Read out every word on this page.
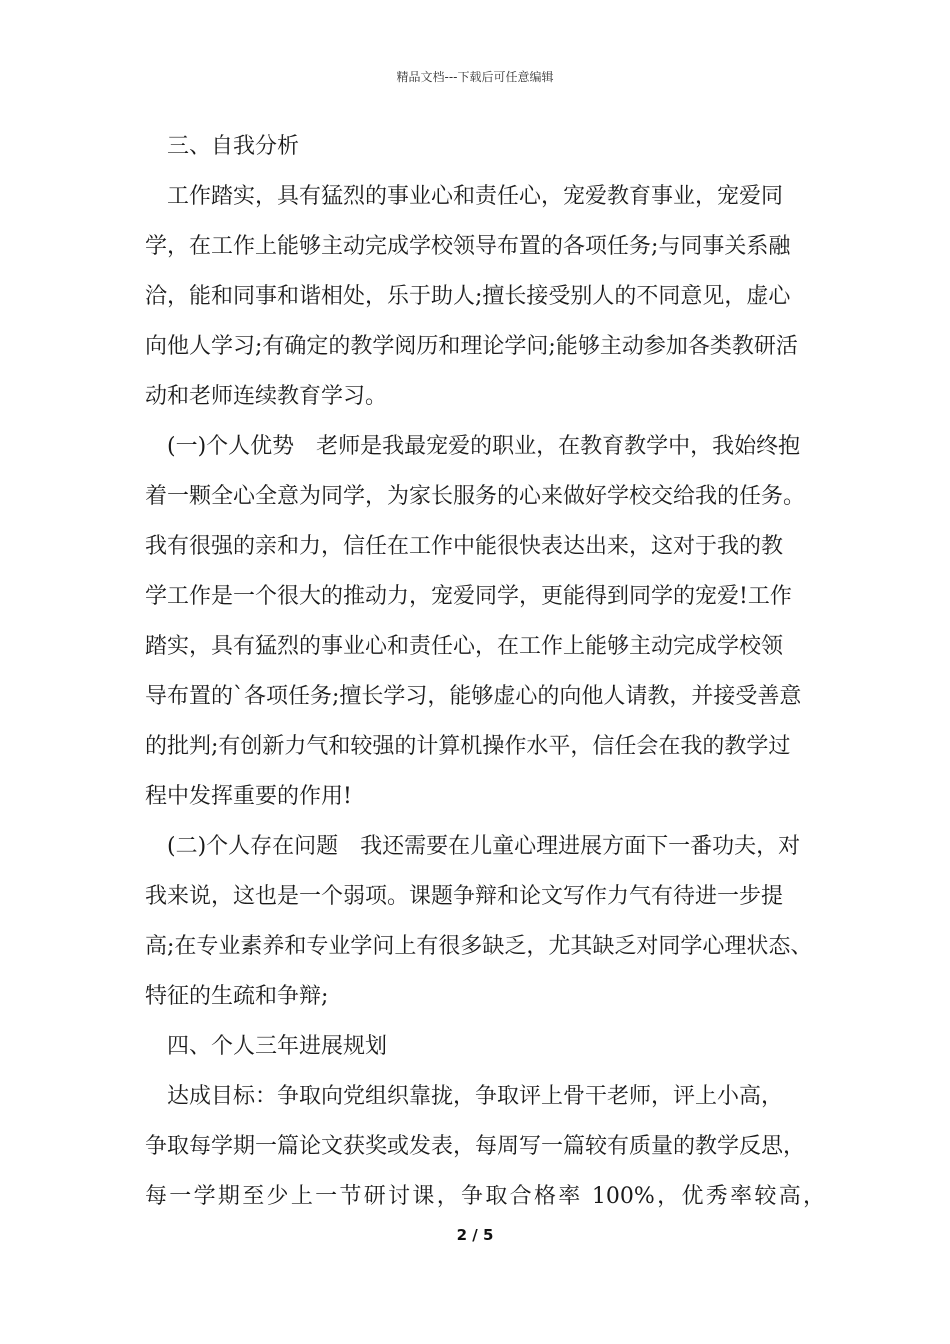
精品文档---下载后可任意编辑
三、自我分析
工作踏实，具有猛烈的事业心和责任心，宠爱教育事业，宠爱同
学，在工作上能够主动完成学校领导布置的各项任务;与同事关系融
洽，能和同事和谐相处，乐于助人;擅长接受别人的不同意见，虚心
向他人学习;有确定的教学阅历和理论学问;能够主动参加各类教研活
动和老师连续教育学习。
(一)个人优势　老师是我最宠爱的职业，在教育教学中，我始终抱
着一颗全心全意为同学，为家长服务的心来做好学校交给我的任务。
我有很强的亲和力，信任在工作中能很快表达出来，这对于我的教
学工作是一个很大的推动力，宠爱同学，更能得到同学的宠爱!工作
踏实，具有猛烈的事业心和责任心，在工作上能够主动完成学校领
导布置的`各项任务;擅长学习，能够虚心的向他人请教，并接受善意
的批判;有创新力气和较强的计算机操作水平，信任会在我的教学过
程中发挥重要的作用!
(二)个人存在问题　我还需要在儿童心理进展方面下一番功夫，对
我来说，这也是一个弱项。课题争辩和论文写作力气有待进一步提
高;在专业素养和专业学问上有很多缺乏，尤其缺乏对同学心理状态、
特征的生疏和争辩;
四、个人三年进展规划
达成目标：争取向党组织靠拢，争取评上骨干老师，评上小高，
争取每学期一篇论文获奖或发表，每周写一篇较有质量的教学反思，
每一学期至少上一节研讨课，争取合格率 100%，优秀率较高，
2 / 5
